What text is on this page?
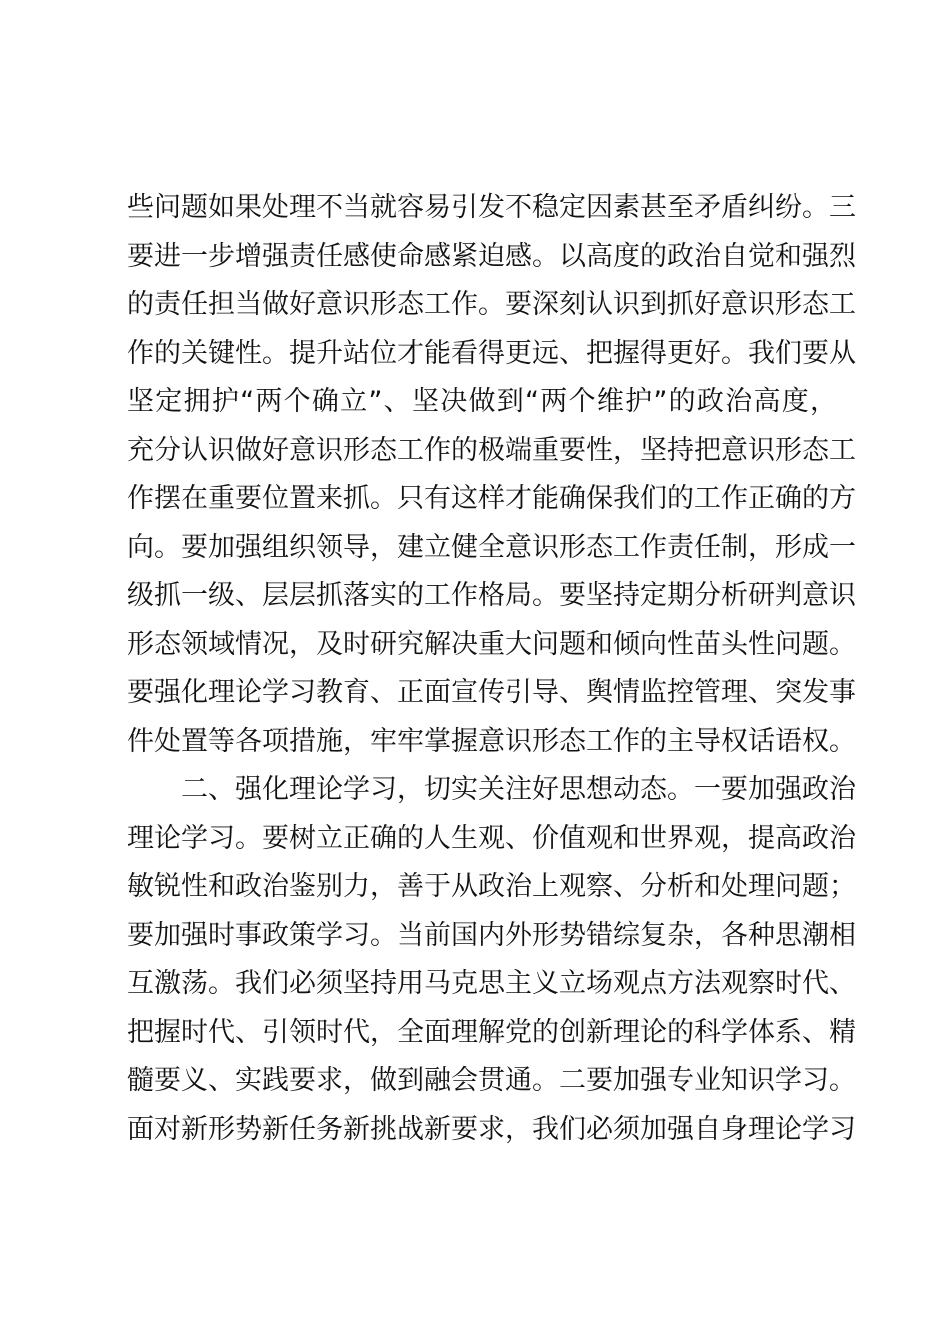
些问题如果处理不当就容易引发不稳定因素甚至矛盾纠纷。三
要进一步增强责任感使命感紧迫感。以高度的政治自觉和强烈
的责任担当做好意识形态工作。要深刻认识到抓好意识形态工
作的关键性。提升站位才能看得更远、把握得更好。我们要从
坚定拥护“两个确立”、坚决做到“两个维护”的政治高度，
充分认识做好意识形态工作的极端重要性，坚持把意识形态工
作摆在重要位置来抓。只有这样才能确保我们的工作正确的方
向。要加强组织领导，建立健全意识形态工作责任制，形成一
级抓一级、层层抓落实的工作格局。要坚持定期分析研判意识
形态领域情况，及时研究解决重大问题和倾向性苗头性问题。
要强化理论学习教育、正面宣传引导、舆情监控管理、突发事
件处置等各项措施，牢牢掌握意识形态工作的主导权话语权。
二、强化理论学习，切实关注好思想动态。一要加强政治
理论学习。要树立正确的人生观、价值观和世界观，提高政治
敏锐性和政治鉴别力，善于从政治上观察、分析和处理问题；
要加强时事政策学习。当前国内外形势错综复杂，各种思潮相
互激荡。我们必须坚持用马克思主义立场观点方法观察时代、
把握时代、引领时代，全面理解党的创新理论的科学体系、精
髓要义、实践要求，做到融会贯通。二要加强专业知识学习。
面对新形势新任务新挑战新要求，我们必须加强自身理论学习
